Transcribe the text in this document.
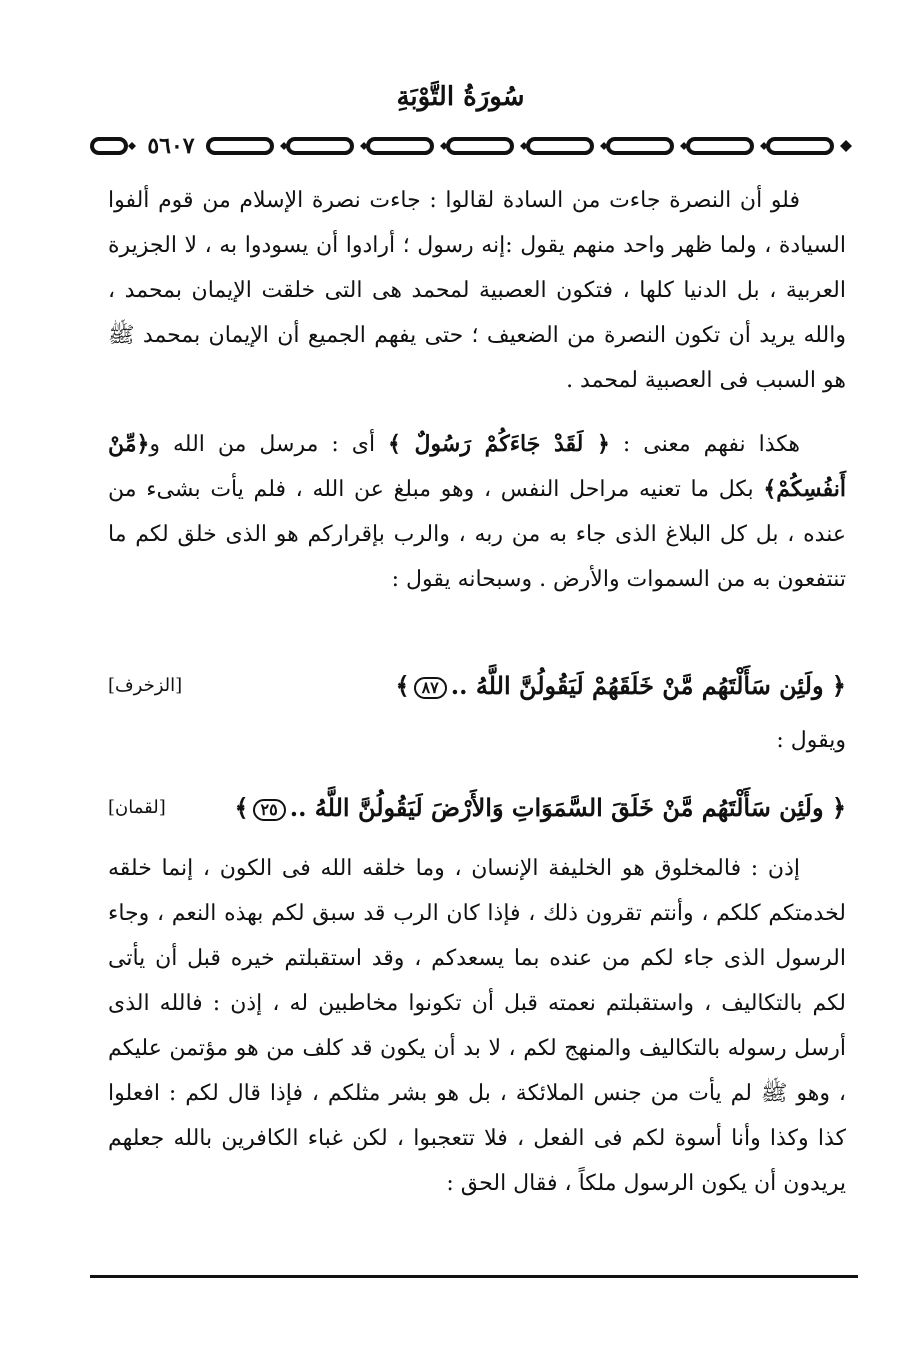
سُورَةُ التَّوْبَةِ
٥٦٠٧
فلو أن النصرة جاءت من السادة لقالوا : جاءت نصرة الإسلام من قوم ألفوا السيادة ، ولما ظهر واحد منهم يقول :إنه رسول ؛ أرادوا أن يسودوا به ، لا الجزيرة العربية ، بل الدنيا كلها ، فتكون العصبية لمحمد هى التى خلقت الإيمان بمحمد ، والله يريد أن تكون النصرة من الضعيف ؛ حتى يفهم الجميع أن الإيمان بمحمد ﷺ هو السبب فى العصبية لمحمد .
هكذا نفهم معنى : ﴿ لَقَدْ جَاءَكُمْ رَسُولٌ ﴾ أى : مرسل من الله و﴿مِّنْ أَنفُسِكُمْ﴾ بكل ما تعنيه مراحل النفس ، وهو مبلغ عن الله ، فلم يأت بشىء من عنده ، بل كل البلاغ الذى جاء به من ربه ، والرب بإقراركم هو الذى خلق لكم ما تنتفعون به من السموات والأرض . وسبحانه يقول :
﴿ ولَئِن سَأَلْتَهُم مَّنْ خَلَقَهُمْ لَيَقُولُنَّ اللَّهُ ..٨٧﴾
[الزخرف]
ويقول :
﴿ ولَئِن سَأَلْتَهُم مَّنْ خَلَقَ السَّمَوَاتِ وَالأَرْضَ لَيَقُولُنَّ اللَّهُ ..٢٥﴾
[لقمان]
إذن : فالمخلوق هو الخليفة الإنسان ، وما خلقه الله فى الكون ، إنما خلقه لخدمتكم كلكم ، وأنتم تقرون ذلك ، فإذا كان الرب قد سبق لكم بهذه النعم ، وجاء الرسول الذى جاء لكم من عنده بما يسعدكم ، وقد استقبلتم خيره قبل أن يأتى لكم بالتكاليف ، واستقبلتم نعمته قبل أن تكونوا مخاطبين له ، إذن : فالله الذى أرسل رسوله بالتكاليف والمنهج لكم ، لا بد أن يكون قد كلف من هو مؤتمن عليكم ، وهو ﷺ لم يأت من جنس الملائكة ، بل هو بشر مثلكم ، فإذا قال لكم : افعلوا كذا وكذا وأنا أسوة لكم فى الفعل ، فلا تتعجبوا ، لكن غباء الكافرين بالله جعلهم يريدون أن يكون الرسول ملكاً ، فقال الحق :
